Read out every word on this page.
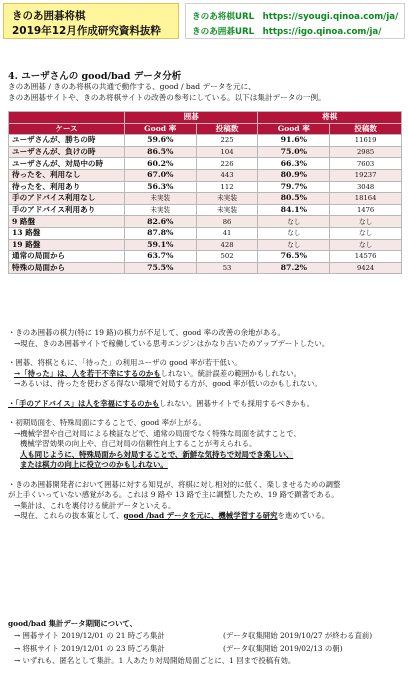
きのあ囲碁将棋
2019年12月作成研究資料抜粋
きのあ将棋URL　https://syougi.qinoa.com/ja/
きのあ囲碁URL　https://igo.qinoa.com/ja/
4. ユーザさんの good/bad データ分析
きのあ囲碁 / きのあ将棋の共通で動作する、good / bad データを元に、
きのあ囲碁サイトや、きのあ将棋サイトの改善の参考にしている。以下は集計データの一例。
	囲碁		将棋	
ケース	Good 率	投稿数	Good 率	投稿数
ユーザさんが、勝ちの時	59.6%	225	91.6%	11619
ユーザさんが、負けの時	86.5%	104	75.0%	2985
ユーザさんが、対局中の時	60.2%	226	66.3%	7603
待ったを、利用なし	67.0%	443	80.9%	19237
待ったを、利用あり	56.3%	112	79.7%	3048
手のアドバイス利用なし	未実装	未実装	80.5%	18164
手のアドバイス利用あり	未実装	未実装	84.1%	1476
9 路盤	82.6%	86	なし	なし
13 路盤	87.8%	41	なし	なし
19 路盤	59.1%	428	なし	なし
通常の局面から	63.7%	502	76.5%	14576
特殊の局面から	75.5%	53	87.2%	9424

・きのあ囲碁の棋力(特に 19 路)の棋力が不足して、good 率の改善の余地がある。

→現在、きのあ囲碁サイトで稼働している思考エンジンはかなり古いためアップデートしたい。

・囲碁、将棋ともに、「待った」の利用ユーザの good 率が若干低い。

→「待った」は、人を若干不幸にするのかもしれない。統計誤差の範囲かもしれない。

→あるいは、待ったを使わざる得ない環境で対局する方が、good 率が低いのかもしれない。

・「手のアドバイス」は人を幸福にするのかもしれない。囲碁サイトでも採用するべきかも。

・初期局面を、特殊局面にすることで、good 率が上がる。

→機械学習や自己対局による検証などで、通常の局面でなく特殊な局面を試すことで、

機械学習効果の向上や、自己対局の信頼性向上することが考えられる。

人も同じように、特殊局面から対局することで、新鮮な気持ちで対局でき楽しい、

または棋力の向上に役立つのかもしれない。

・きのあ囲碁開発者において囲碁に対する知見が、将棋に対し相対的に低く、楽しませるための調整

が上手くいっていない感覚がある。これは 9 路や 13 路で主に調整したため、19 路で顕著である。

→集計は、これを裏付ける統計データといえる。

→現在、これらの抜本策として、good /bad データを元に、機械学習する研究を進めている。

good/bad 集計データ期間について、

→ 囲碁サイト 2019/12/01 の 21 時ごろ集計	(データ収集開始 2019/10/27 が終わる直前)

→ 将棋サイト 2019/12/01 の 23 時ごろ集計	(データ収集開始 2019/02/13 の朝)

→ いずれも、匿名として集計。1 人あたり対局開始局面ごとに、1 回まで投稿有効。
